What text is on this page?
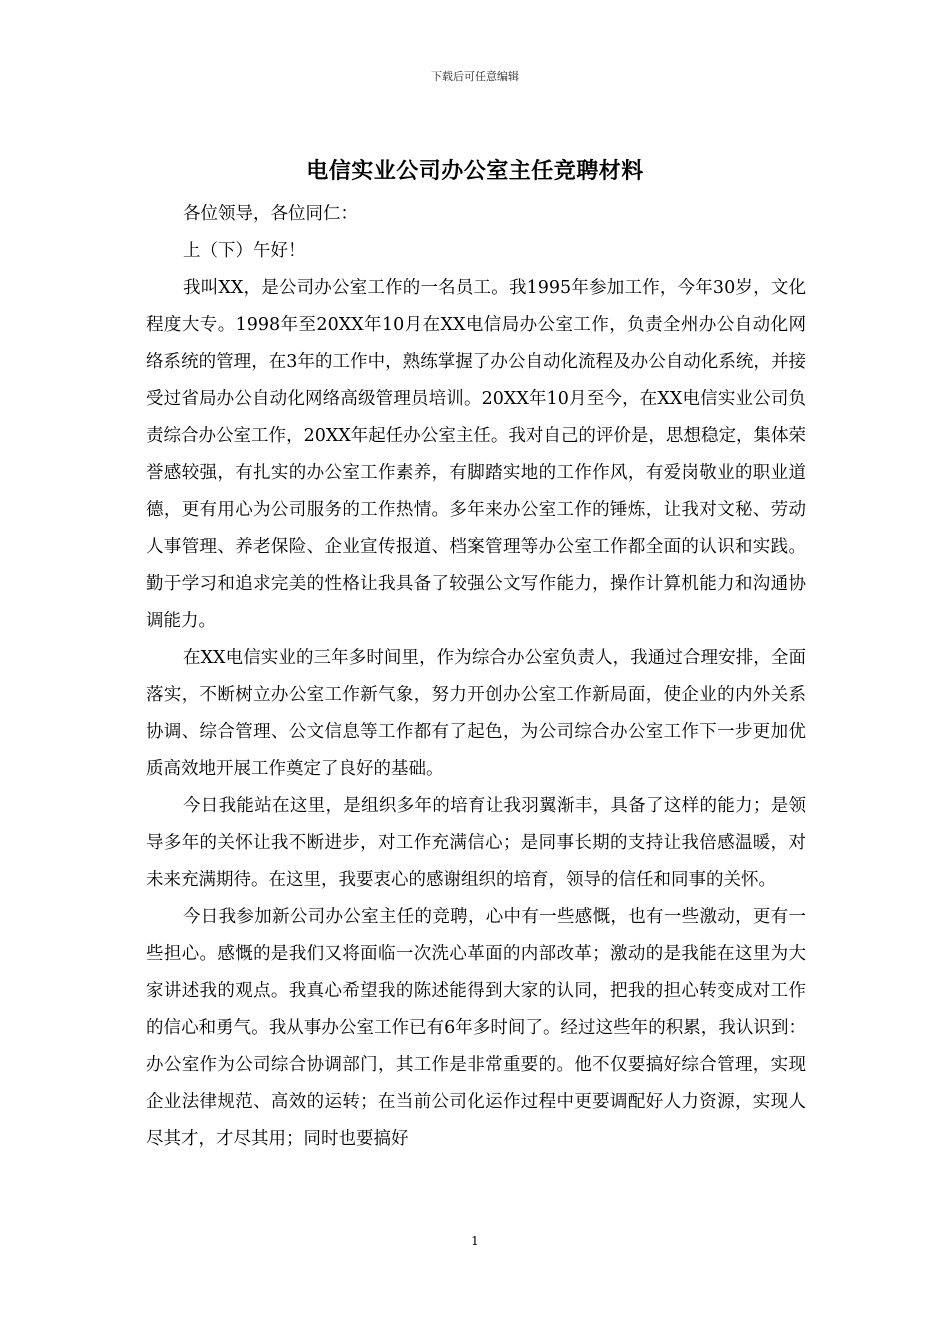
下载后可任意编辑
电信实业公司办公室主任竞聘材料

各位领导，各位同仁：

上（下）午好！

我叫XX，是公司办公室工作的一名员工。我1995年参加工作，今年30岁，文化程度大专。1998年至20XX年10月在XX电信局办公室工作，负责全州办公自动化网络系统的管理，在3年的工作中，熟练掌握了办公自动化流程及办公自动化系统，并接受过省局办公自动化网络高级管理员培训。20XX年10月至今，在XX电信实业公司负责综合办公室工作，20XX年起任办公室主任。我对自己的评价是，思想稳定，集体荣誉感较强，有扎实的办公室工作素养，有脚踏实地的工作作风，有爱岗敬业的职业道德，更有用心为公司服务的工作热情。多年来办公室工作的锤炼，让我对文秘、劳动人事管理、养老保险、企业宣传报道、档案管理等办公室工作都全面的认识和实践。勤于学习和追求完美的性格让我具备了较强公文写作能力，操作计算机能力和沟通协调能力。

在XX电信实业的三年多时间里，作为综合办公室负责人，我通过合理安排，全面落实，不断树立办公室工作新气象，努力开创办公室工作新局面，使企业的内外关系协调、综合管理、公文信息等工作都有了起色，为公司综合办公室工作下一步更加优质高效地开展工作奠定了良好的基础。

今日我能站在这里，是组织多年的培育让我羽翼渐丰，具备了这样的能力；是领导多年的关怀让我不断进步，对工作充满信心；是同事长期的支持让我倍感温暖，对未来充满期待。在这里，我要衷心的感谢组织的培育，领导的信任和同事的关怀。

今日我参加新公司办公室主任的竞聘，心中有一些感慨，也有一些激动，更有一些担心。感慨的是我们又将面临一次洗心革面的内部改革；激动的是我能在这里为大家讲述我的观点。我真心希望我的陈述能得到大家的认同，把我的担心转变成对工作的信心和勇气。我从事办公室工作已有6年多时间了。经过这些年的积累，我认识到：办公室作为公司综合协调部门，其工作是非常重要的。他不仅要搞好综合管理，实现企业法律规范、高效的运转；在当前公司化运作过程中更要调配好人力资源，实现人尽其才，才尽其用；同时也要搞好

1
